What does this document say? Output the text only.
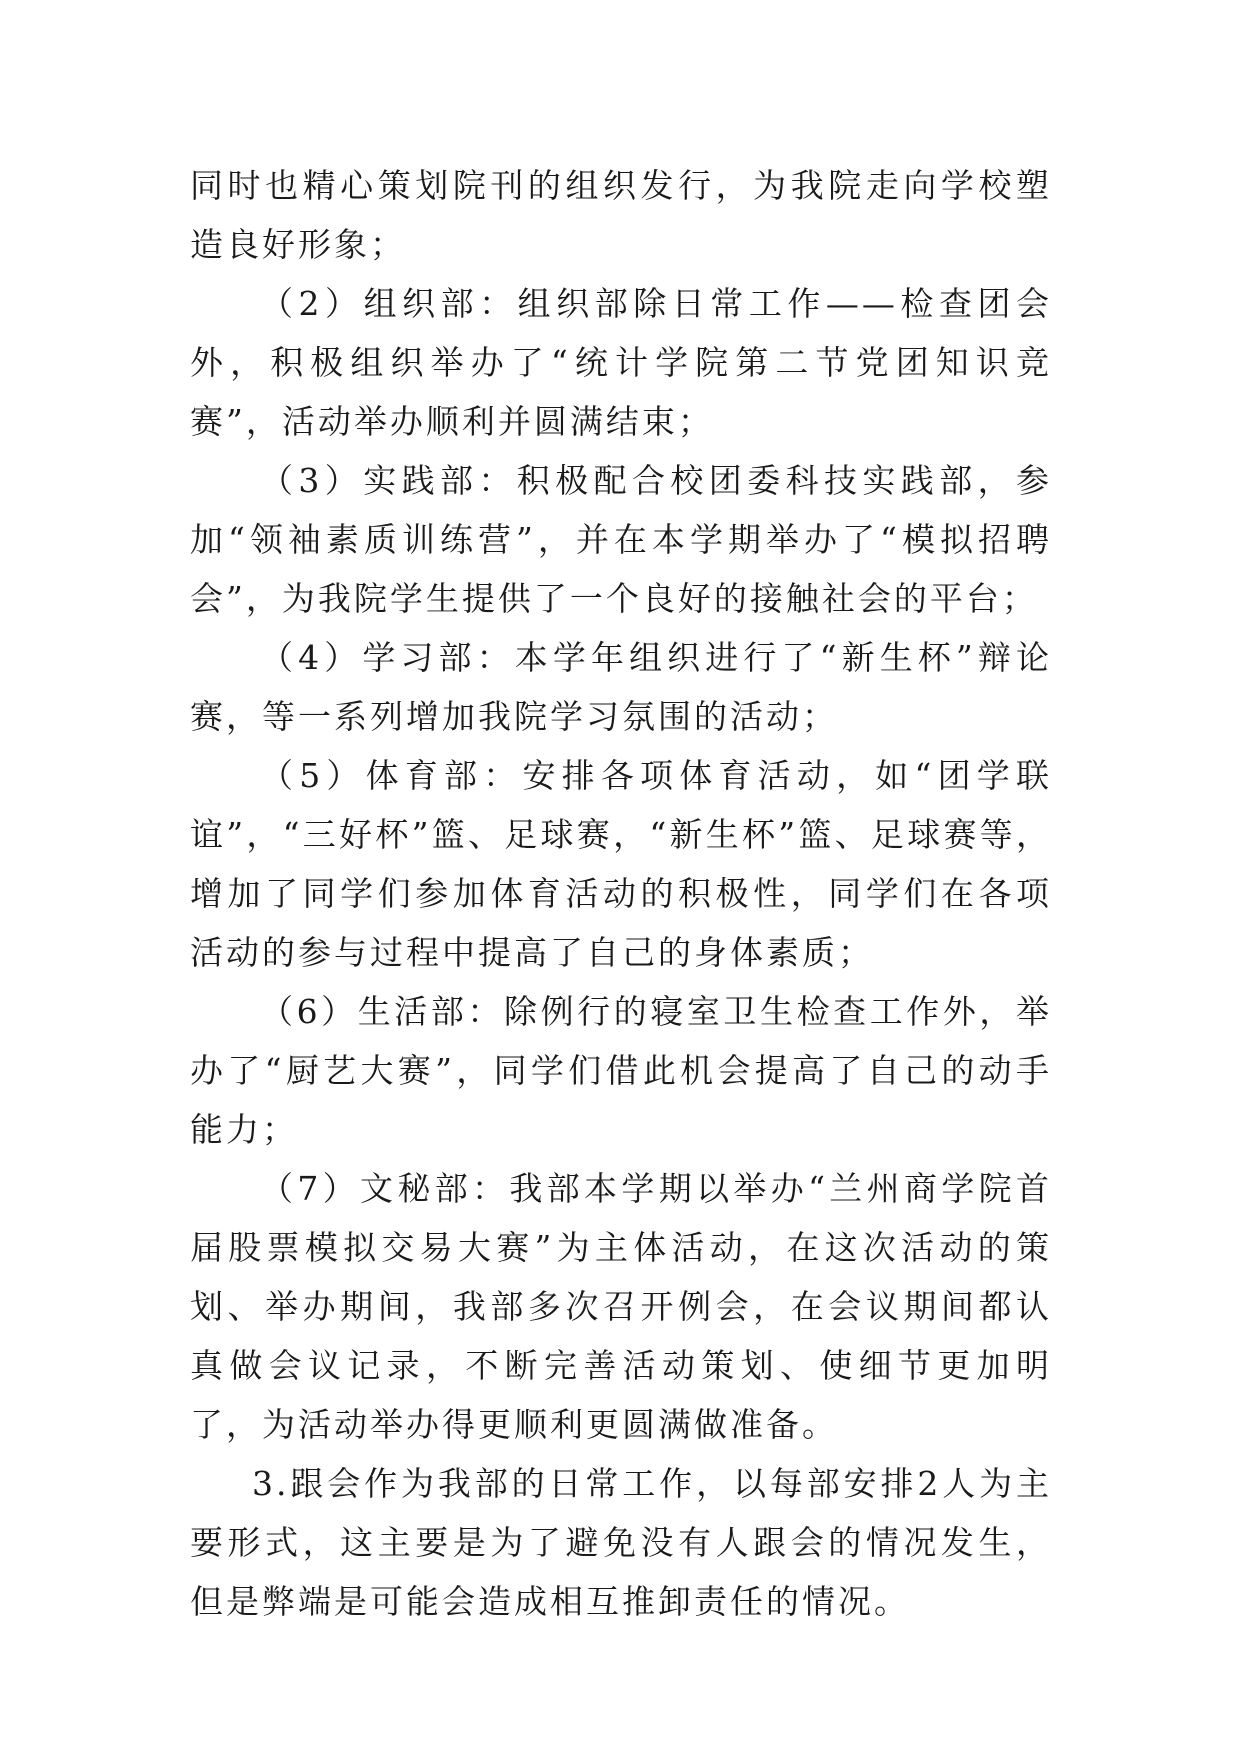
同时也精心策划院刊的组织发行，为我院走向学校塑造良好形象；

（2）组织部：组织部除日常工作——检查团会外，积极组织举办了“统计学院第二节党团知识竞赛”，活动举办顺利并圆满结束；

（3）实践部：积极配合校团委科技实践部，参加“领袖素质训练营”，并在本学期举办了“模拟招聘会”，为我院学生提供了一个良好的接触社会的平台；

（4）学习部：本学年组织进行了“新生杯”辩论赛，等一系列增加我院学习氛围的活动；

（5）体育部：安排各项体育活动，如“团学联谊”，“三好杯”篮、足球赛，“新生杯”篮、足球赛等，增加了同学们参加体育活动的积极性，同学们在各项活动的参与过程中提高了自己的身体素质；

（6）生活部：除例行的寝室卫生检查工作外，举办了“厨艺大赛”，同学们借此机会提高了自己的动手能力；

（7）文秘部：我部本学期以举办“兰州商学院首届股票模拟交易大赛”为主体活动，在这次活动的策划、举办期间，我部多次召开例会，在会议期间都认真做会议记录，不断完善活动策划、使细节更加明了，为活动举办得更顺利更圆满做准备。

3.跟会作为我部的日常工作，以每部安排2人为主要形式，这主要是为了避免没有人跟会的情况发生，但是弊端是可能会造成相互推卸责任的情况。
